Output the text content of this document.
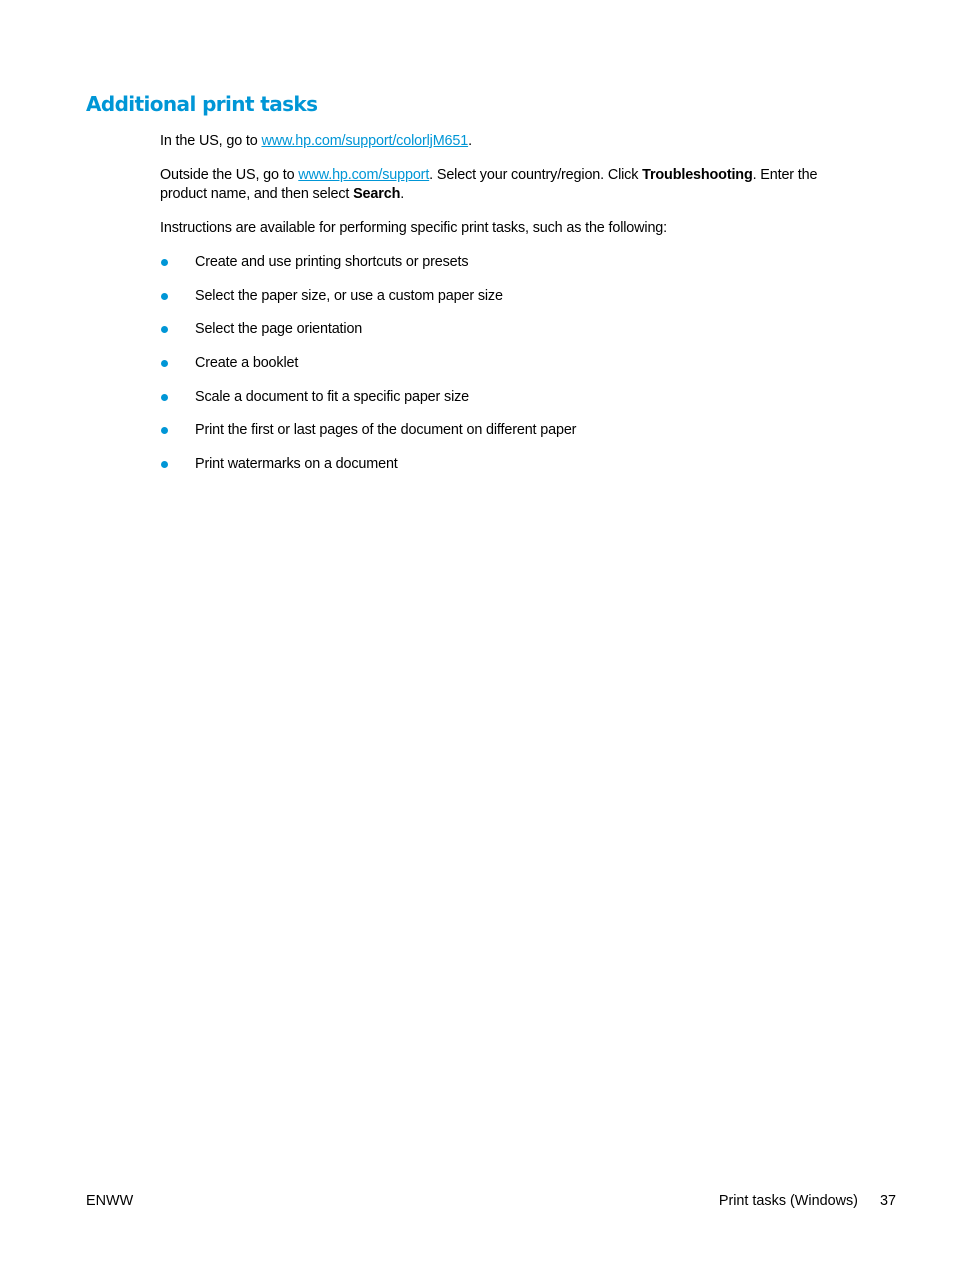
Additional print tasks

In the US, go to www.hp.com/support/colorljM651.

Outside the US, go to www.hp.com/support. Select your country/region. Click Troubleshooting. Enter the product name, and then select Search.

Instructions are available for performing specific print tasks, such as the following:

Create and use printing shortcuts or presets
Select the paper size, or use a custom paper size
Select the page orientation
Create a booklet
Scale a document to fit a specific paper size
Print the first or last pages of the document on different paper
Print watermarks on a document
ENWW	Print tasks (Windows) 37
